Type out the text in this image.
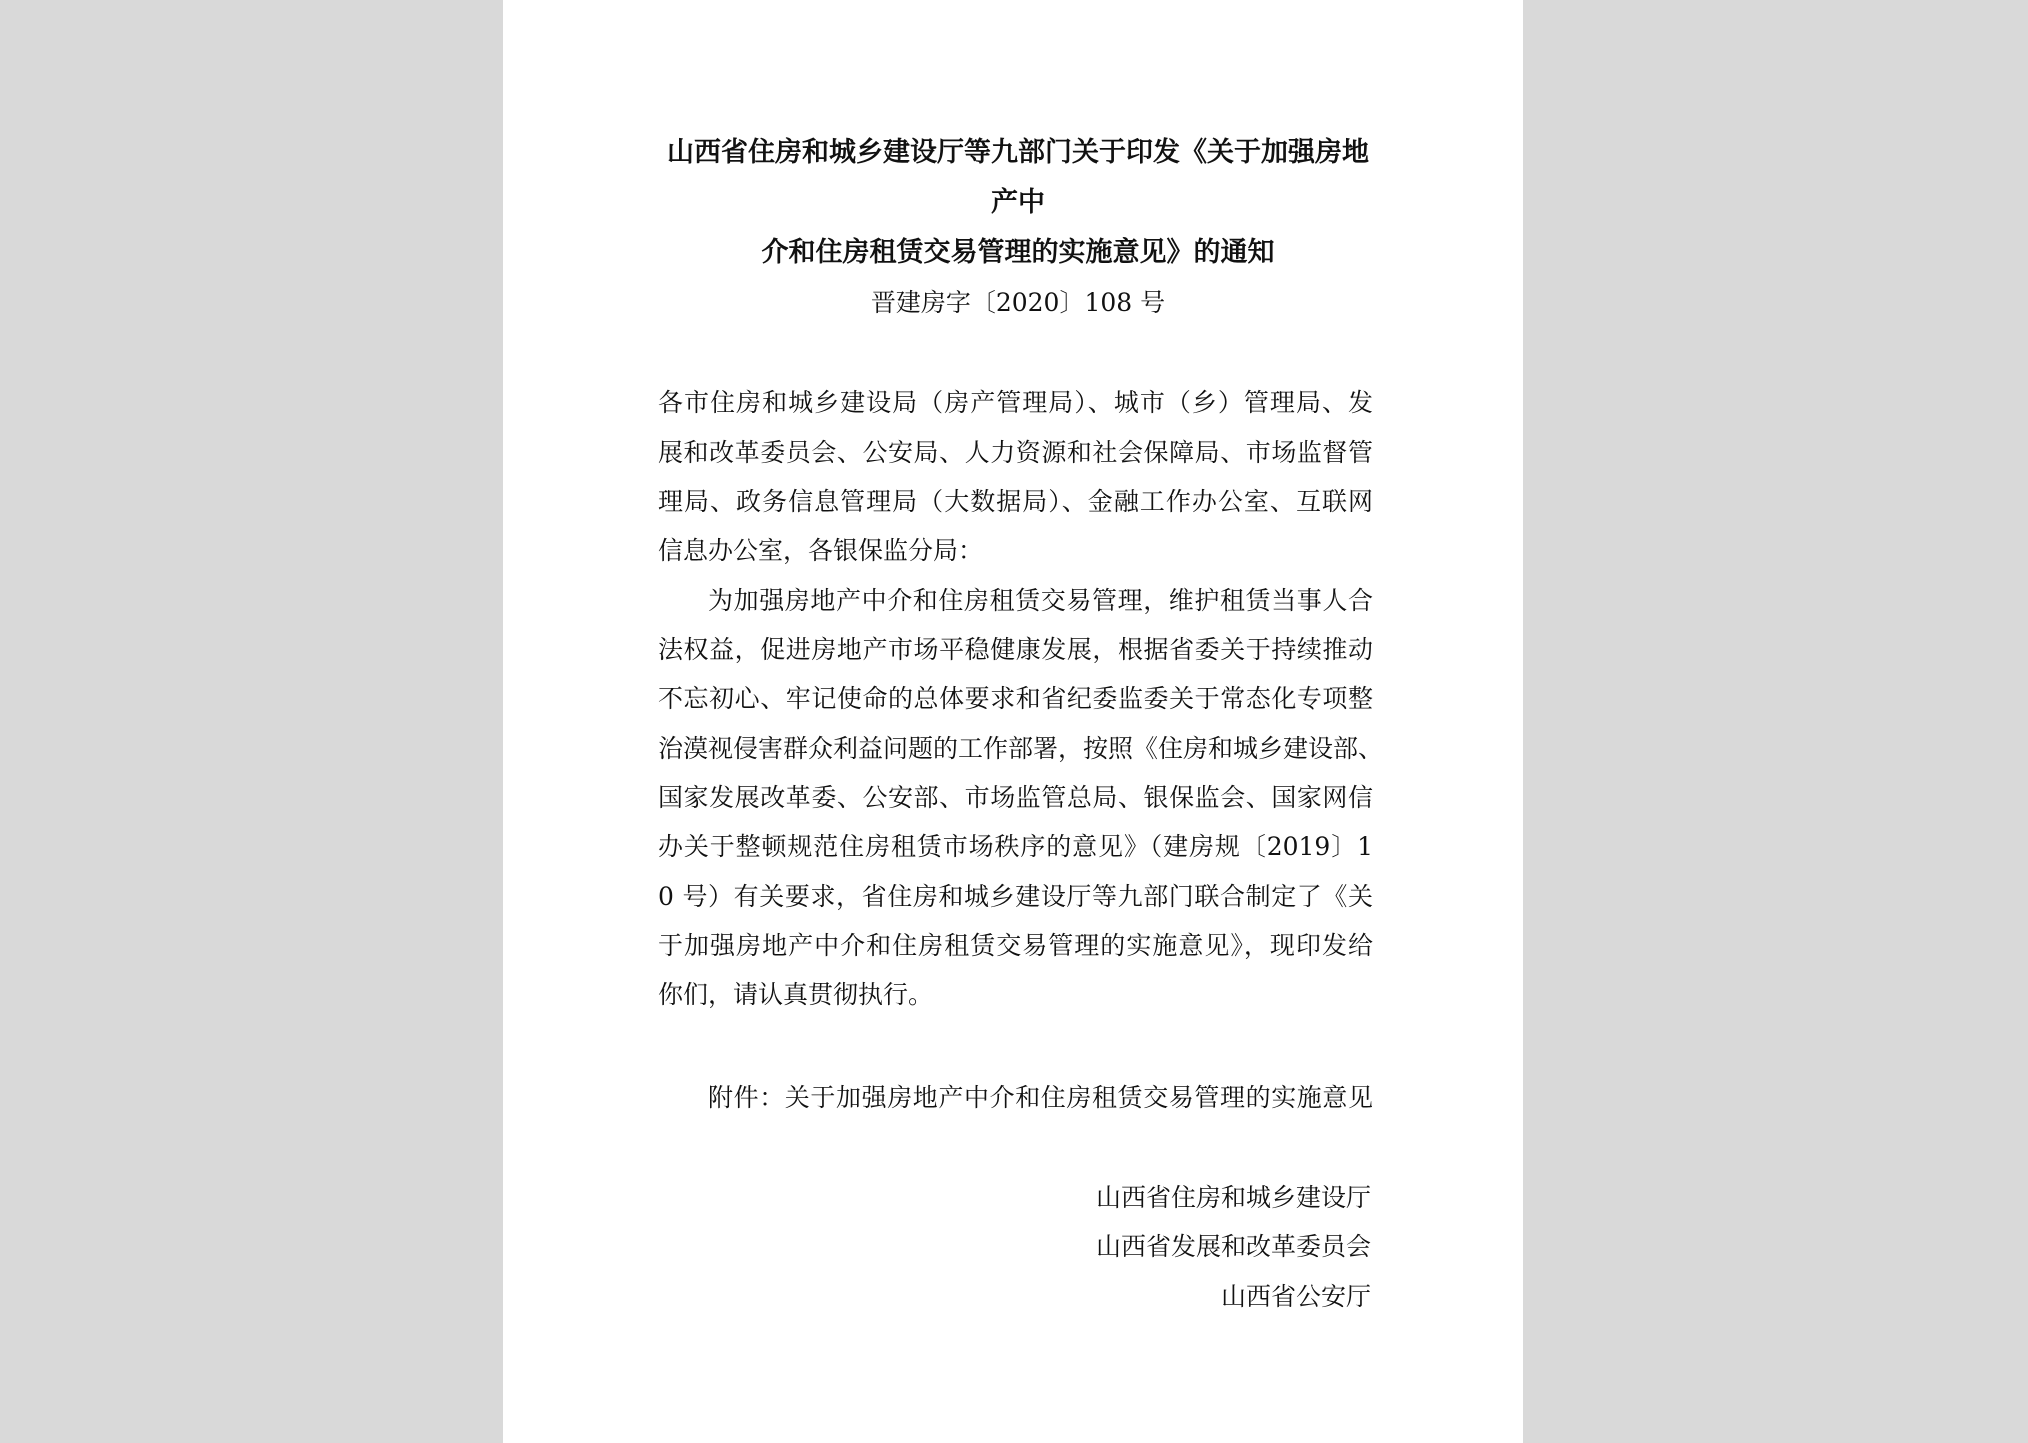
山西省住房和城乡建设厅等九部门关于印发《关于加强房地产中
介和住房租赁交易管理的实施意见》的通知
晋建房字〔2020〕108 号
各市住房和城乡建设局（房产管理局）、城市（乡）管理局、发
展和改革委员会、公安局、人力资源和社会保障局、市场监督管
理局、政务信息管理局（大数据局）、金融工作办公室、互联网
信息办公室，各银保监分局：
为加强房地产中介和住房租赁交易管理，维护租赁当事人合
法权益，促进房地产市场平稳健康发展，根据省委关于持续推动
不忘初心、牢记使命的总体要求和省纪委监委关于常态化专项整
治漠视侵害群众利益问题的工作部署，按照《住房和城乡建设部、
国家发展改革委、公安部、市场监管总局、银保监会、国家网信
办关于整顿规范住房租赁市场秩序的意见》（建房规〔2019〕1
0 号）有关要求，省住房和城乡建设厅等九部门联合制定了《关
于加强房地产中介和住房租赁交易管理的实施意见》，现印发给
你们，请认真贯彻执行。
附件：关于加强房地产中介和住房租赁交易管理的实施意见
山西省住房和城乡建设厅
山西省发展和改革委员会
山西省公安厅
